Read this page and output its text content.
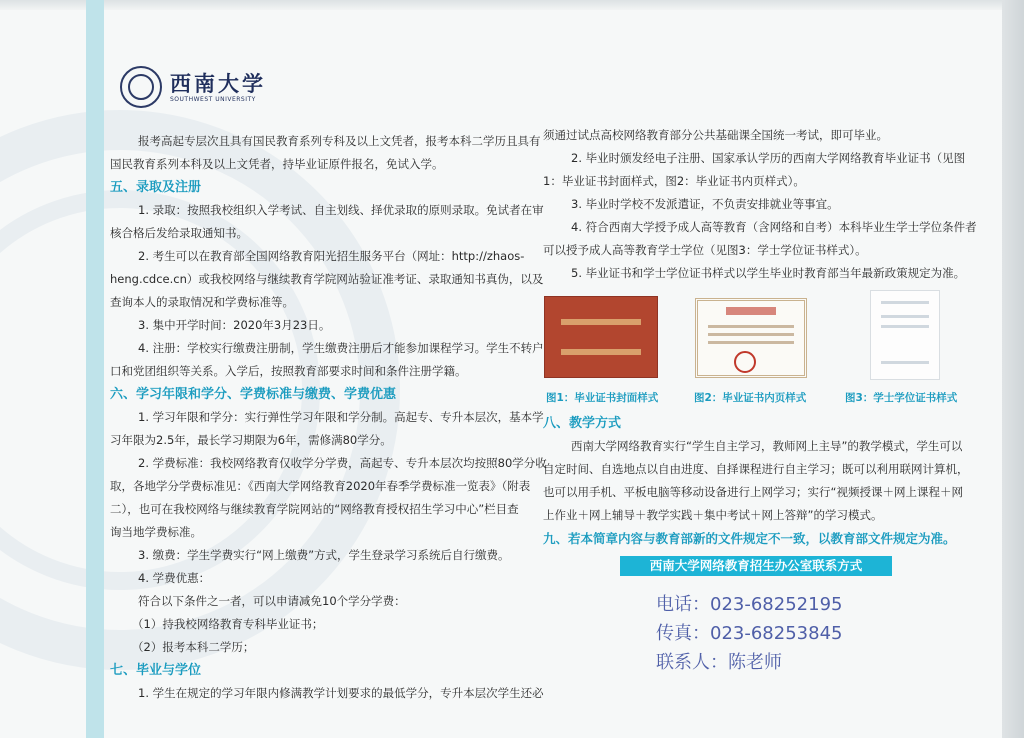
西南大学
SOUTHWEST UNIVERSITY

报考高起专层次且具有国民教育系列专科及以上文凭者，报考本科二学历且具有

国民教育系列本科及以上文凭者，持毕业证原件报名，免试入学。

五、录取及注册

1. 录取：按照我校组织入学考试、自主划线、择优录取的原则录取。免试者在审

核合格后发给录取通知书。

2. 考生可以在教育部全国网络教育阳光招生服务平台（网址：http://zhaos-

heng.cdce.cn）或我校网络与继续教育学院网站验证准考证、录取通知书真伪，以及

查询本人的录取情况和学费标准等。

3. 集中开学时间：2020年3月23日。

4. 注册：学校实行缴费注册制，学生缴费注册后才能参加课程学习。学生不转户

口和党团组织等关系。入学后，按照教育部要求时间和条件注册学籍。

六、学习年限和学分、学费标准与缴费、学费优惠

1. 学习年限和学分：实行弹性学习年限和学分制。高起专、专升本层次，基本学

习年限为2.5年，最长学习期限为6年，需修满80学分。

2. 学费标准：我校网络教育仅收学分学费，高起专、专升本层次均按照80学分收

取，各地学分学费标准见：《西南大学网络教育2020年春季学费标准一览表》（附表

二），也可在我校网络与继续教育学院网站的“网络教育授权招生学习中心”栏目查

询当地学费标准。

3. 缴费：学生学费实行“网上缴费”方式，学生登录学习系统后自行缴费。

4. 学费优惠：

符合以下条件之一者，可以申请减免10个学分学费：

（1）持我校网络教育专科毕业证书；

（2）报考本科二学历；

七、毕业与学位

1. 学生在规定的学习年限内修满教学计划要求的最低学分，专升本层次学生还必

须通过试点高校网络教育部分公共基础课全国统一考试，即可毕业。

2. 毕业时颁发经电子注册、国家承认学历的西南大学网络教育毕业证书（见图

1：毕业证书封面样式，图2：毕业证书内页样式）。

3. 毕业时学校不发派遣证，不负责安排就业等事宜。

4. 符合西南大学授予成人高等教育（含网络和自考）本科毕业生学士学位条件者

可以授予成人高等教育学士学位（见图3：学士学位证书样式）。

5. 毕业证书和学士学位证书样式以学生毕业时教育部当年最新政策规定为准。

图1：毕业证书封面样式	图2：毕业证书内页样式	图3：学士学位证书样式

八、教学方式

西南大学网络教育实行“学生自主学习，教师网上主导”的教学模式，学生可以

自定时间、自选地点以自由进度、自择课程进行自主学习；既可以利用联网计算机，

也可以用手机、平板电脑等移动设备进行上网学习；实行“视频授课＋网上课程＋网

上作业＋网上辅导＋教学实践＋集中考试＋网上答辩”的学习模式。

九、若本简章内容与教育部新的文件规定不一致，以教育部文件规定为准。

西南大学网络教育招生办公室联系方式
电话：023-68252195
传真：023-68253845
联系人：陈老师
